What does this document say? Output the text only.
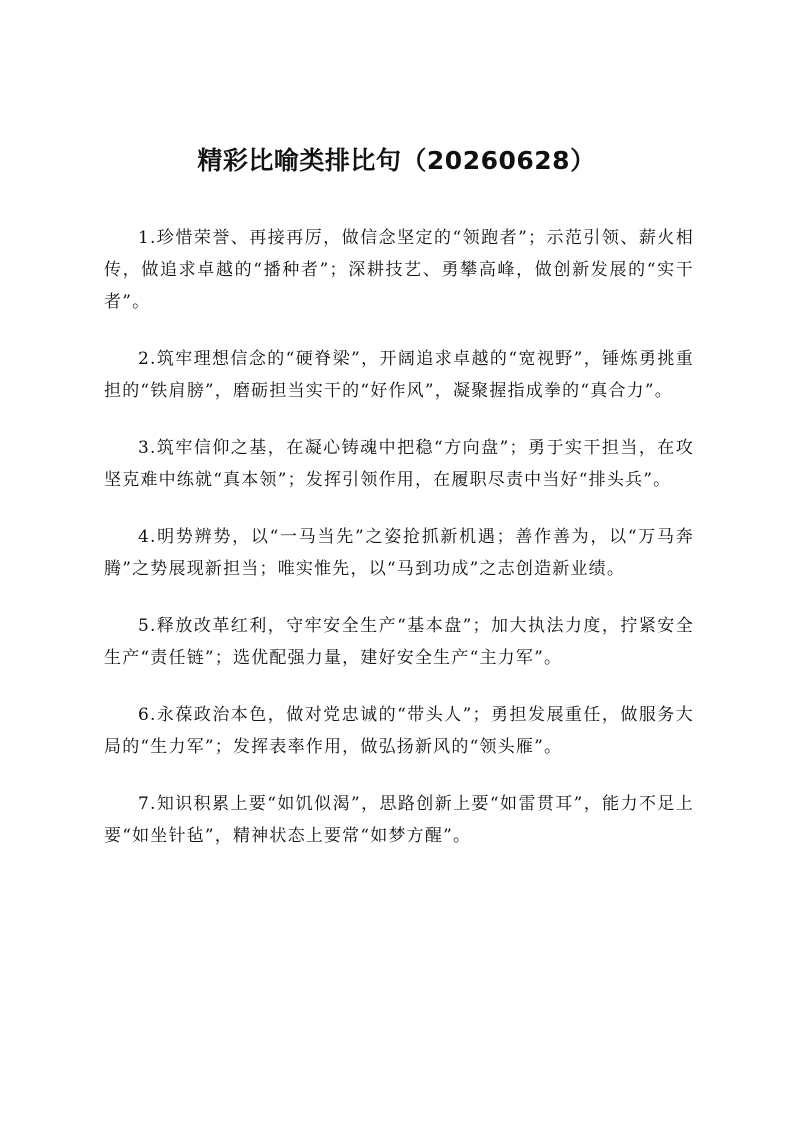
精彩比喻类排比句（20260628）

1.珍惜荣誉、再接再厉，做信念坚定的“领跑者”；示范引领、薪火相传，做追求卓越的“播种者”；深耕技艺、勇攀高峰，做创新发展的“实干者”。

2.筑牢理想信念的“硬脊梁”，开阔追求卓越的“宽视野”，锤炼勇挑重担的“铁肩膀”，磨砺担当实干的“好作风”，凝聚握指成拳的“真合力”。

3.筑牢信仰之基，在凝心铸魂中把稳“方向盘”；勇于实干担当，在攻坚克难中练就“真本领”；发挥引领作用，在履职尽责中当好“排头兵”。

4.明势辨势，以“一马当先”之姿抢抓新机遇；善作善为，以“万马奔腾”之势展现新担当；唯实惟先，以“马到功成”之志创造新业绩。

5.释放改革红利，守牢安全生产“基本盘”；加大执法力度，拧紧安全生产“责任链”；选优配强力量，建好安全生产“主力军”。

6.永葆政治本色，做对党忠诚的“带头人”；勇担发展重任，做服务大局的“生力军”；发挥表率作用，做弘扬新风的“领头雁”。

7.知识积累上要“如饥似渴”，思路创新上要“如雷贯耳”，能力不足上要“如坐针毡”，精神状态上要常“如梦方醒”。
